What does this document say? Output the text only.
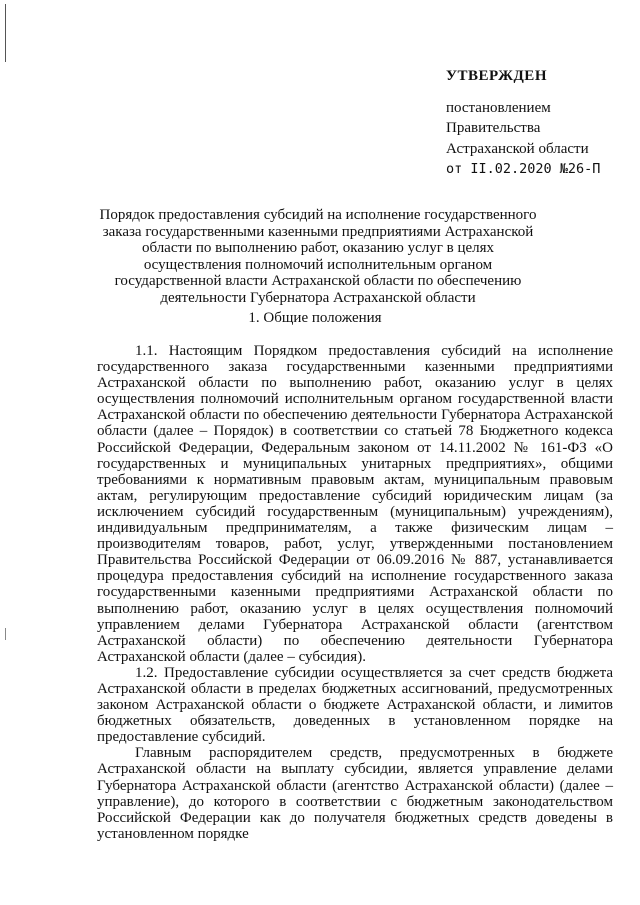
УТВЕРЖДЕН
постановлением
Правительства
Астраханской области
от II.02.2020 №26-П
Порядок предоставления субсидий на исполнение государственного заказа государственными казенными предприятиями Астраханской области по выполнению работ, оказанию услуг в целях осуществления полномочий исполнительным органом государственной власти Астраханской области по обеспечению деятельности Губернатора Астраханской области
1. Общие положения

1.1. Настоящим Порядком предоставления субсидий на исполнение государственного заказа государственными казенными предприятиями Астраханской области по выполнению работ, оказанию услуг в целях осуществления полномочий исполнительным органом государственной власти Астраханской области по обеспечению деятельности Губернатора Астраханской области (далее – Порядок) в соответствии со статьей 78 Бюджетного кодекса Российской Федерации, Федеральным законом от 14.11.2002 № 161-ФЗ «О государственных и муниципальных унитарных предприятиях», общими требованиями к нормативным правовым актам, муниципальным правовым актам, регулирующим предоставление субсидий юридическим лицам (за исключением субсидий государственным (муниципальным) учреждениям), индивидуальным предпринимателям, а также физическим лицам – производителям товаров, работ, услуг, утвержденными постановлением Правительства Российской Федерации от 06.09.2016 № 887, устанавливается процедура предоставления субсидий на исполнение государственного заказа государственными казенными предприятиями Астраханской области по выполнению работ, оказанию услуг в целях осуществления полномочий управлением делами Губернатора Астраханской области (агентством Астраханской области) по обеспечению деятельности Губернатора Астраханской области (далее – субсидия).

1.2. Предоставление субсидии осуществляется за счет средств бюджета Астраханской области в пределах бюджетных ассигнований, предусмотренных законом Астраханской области о бюджете Астраханской области, и лимитов бюджетных обязательств, доведенных в установленном порядке на предоставление субсидий.

Главным распорядителем средств, предусмотренных в бюджете Астраханской области на выплату субсидии, является управление делами Губернатора Астраханской области (агентство Астраханской области) (далее – управление), до которого в соответствии с бюджетным законодательством Российской Федерации как до получателя бюджетных средств доведены в установленном порядке
